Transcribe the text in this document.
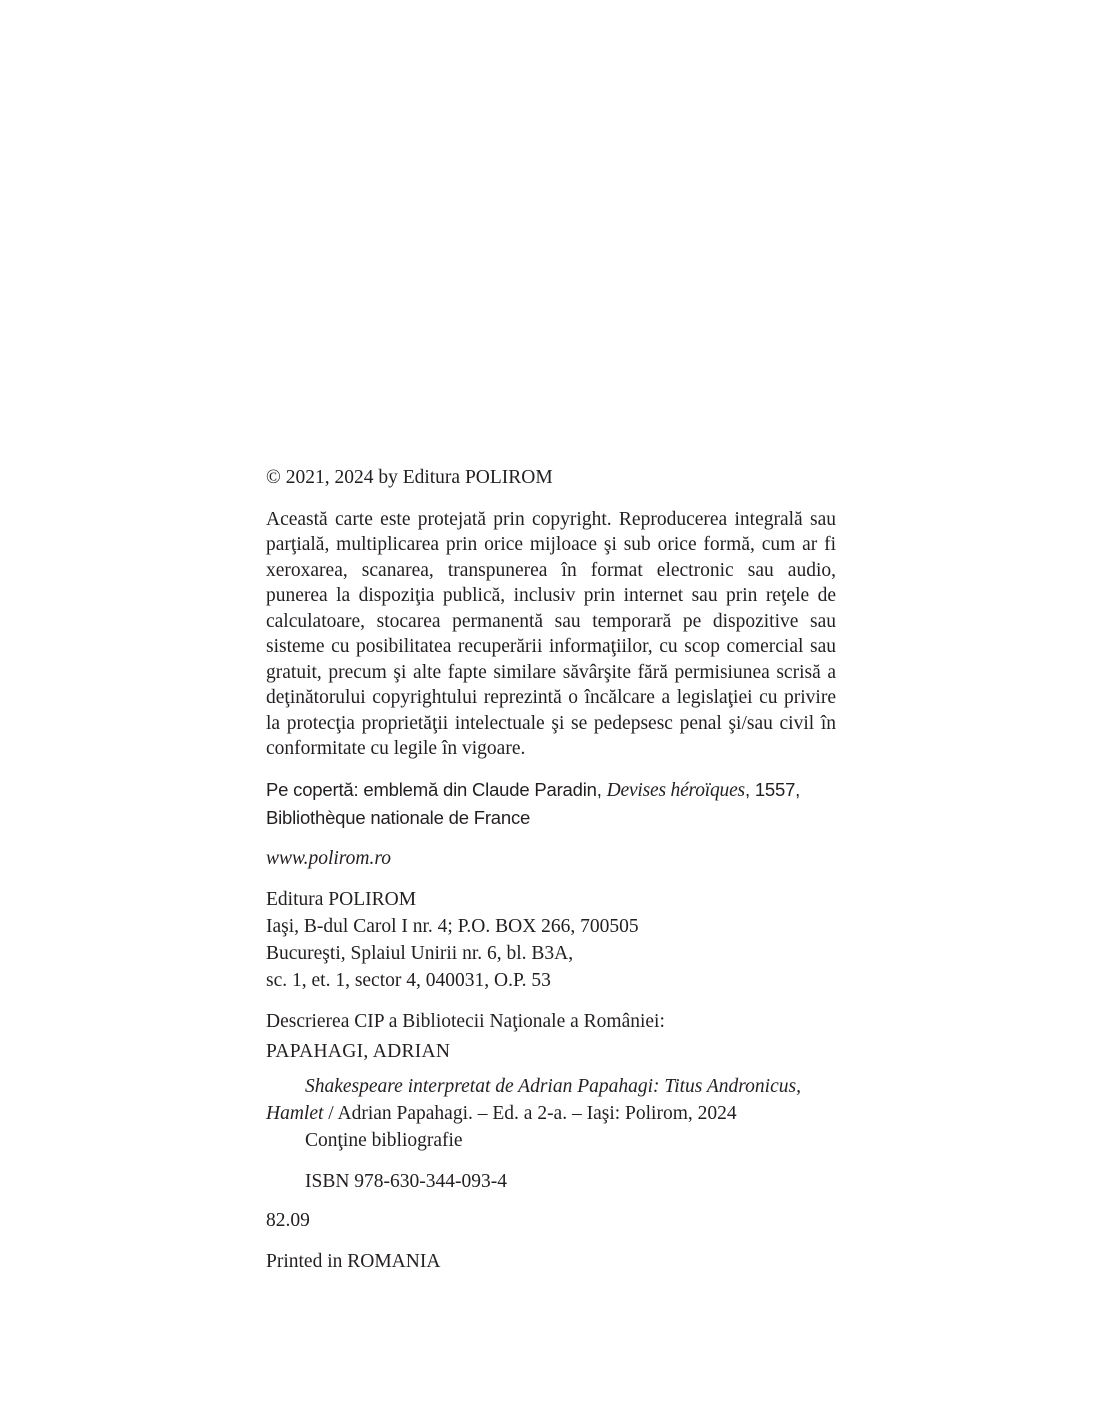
© 2021, 2024 by Editura POLIROM

Această carte este protejată prin copyright. Reproducerea integrală sau parţială, multiplicarea prin orice mijloace şi sub orice formă, cum ar fi xeroxarea, scanarea, transpunerea în format electronic sau audio, punerea la dispoziţia publică, inclusiv prin internet sau prin reţele de calculatoare, stocarea permanentă sau temporară pe dispozitive sau sisteme cu posibilitatea recuperării informaţiilor, cu scop comercial sau gratuit, precum şi alte fapte similare săvârşite fără permisiunea scrisă a deţinătorului copyrightului reprezintă o încălcare a legislaţiei cu privire la protecţia proprietăţii intelectuale şi se pedepsesc penal şi/sau civil în conformitate cu legile în vigoare.

Pe copertă: emblemă din Claude Paradin, Devises héroïques, 1557,
Bibliothèque nationale de France

www.polirom.ro

Editura POLIROM
Iaşi, B-dul Carol I nr. 4; P.O. BOX 266, 700505
Bucureşti, Splaiul Unirii nr. 6, bl. B3A,
sc. 1, et. 1, sector 4, 040031, O.P. 53
Descrierea CIP a Bibliotecii Naţionale a României:
PAPAHAGI, ADRIAN
Shakespeare interpretat de Adrian Papahagi: Titus Andronicus,
Hamlet / Adrian Papahagi. – Ed. a 2-a. – Iaşi: Polirom, 2024
Conţine bibliografie
ISBN 978-630-344-093-4
82.09
Printed in ROMANIA
